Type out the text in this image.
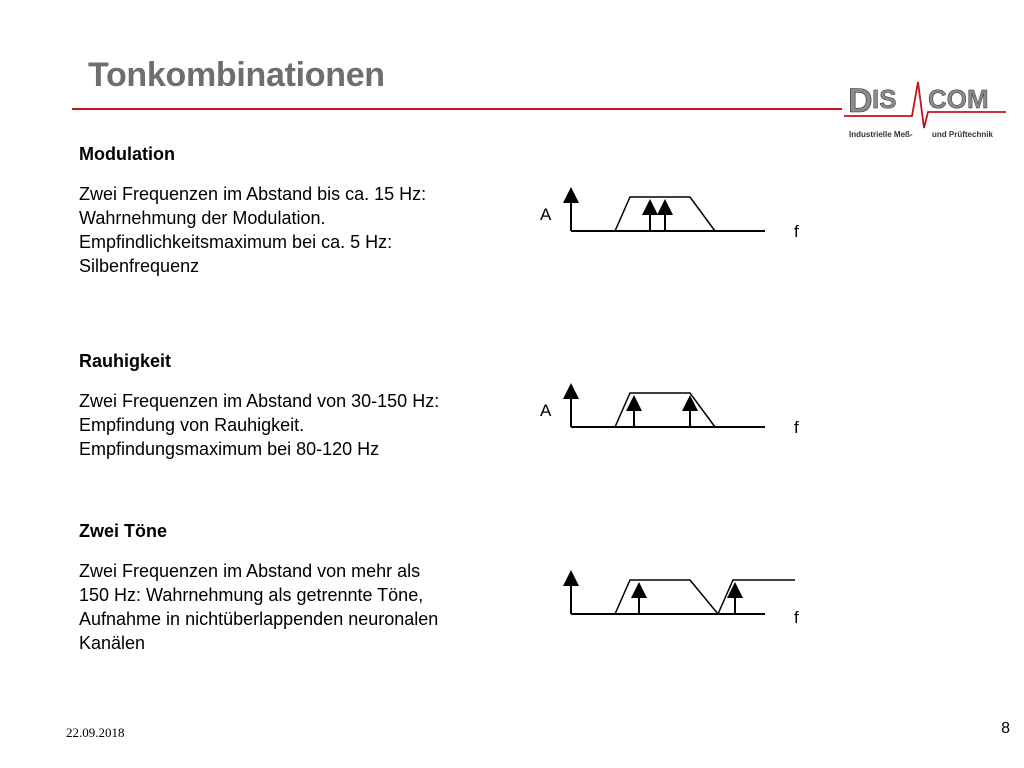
Tonkombinationen
D IS COM
Industrielle Meß- und Prüftechnik
Modulation

Zwei Frequenzen im Abstand bis ca. 15 Hz:

Wahrnehmung der Modulation.

Empfindlichkeitsmaximum bei ca. 5 Hz:

Silbenfrequenz

A
f
Rauhigkeit

Zwei Frequenzen im Abstand von 30-150 Hz:

Empfindung von Rauhigkeit.

Empfindungsmaximum bei 80-120 Hz

A
f
Zwei Töne

Zwei Frequenzen im Abstand von mehr als

150 Hz: Wahrnehmung als getrennte Töne,

Aufnahme in nichtüberlappenden neuronalen

Kanälen

f
22.09.2018	8
